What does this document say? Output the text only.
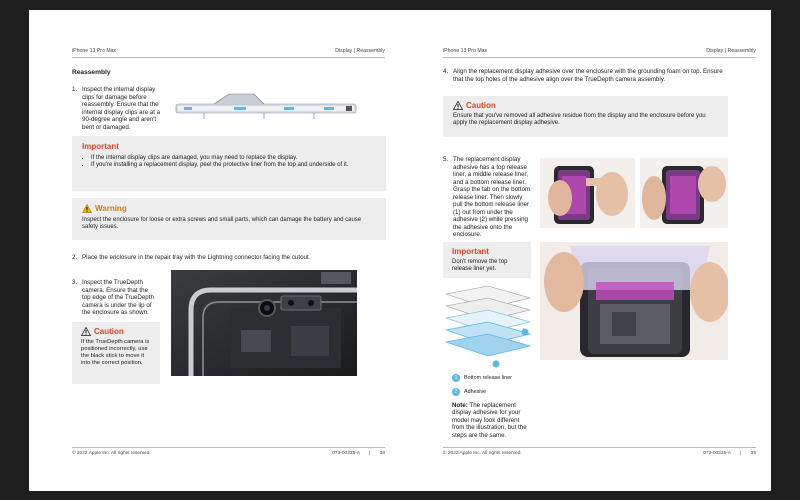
iPhone 13 Pro Max	Display | Reassembly
Reassembly
1. Inspect the internal display clips for damage before reassembly. Ensure that the internal display clips are at a 90-degree angle and aren't bent or damaged.
Important
• If the internal display clips are damaged, you may need to replace the display.
• If you're installing a replacement display, peel the protective liner from the top and underside of it.
Warning
Inspect the enclosure for loose or extra screws and small parts, which can damage the battery and cause safety issues.
2. Place the enclosure in the repair tray with the Lightning connector facing the cutout.
3. Inspect the TrueDepth camera. Ensure that the top edge of the TrueDepth camera is under the lip of the enclosure as shown.
Caution
If the TrueDepth camera is positioned incorrectly, use the black stick to move it into the correct position.
© 2022 Apple Inc. All rights reserved.	073-00325-A | 38
iPhone 13 Pro Max	Display | Reassembly
4. Align the replacement display adhesive over the enclosure with the grounding foam on top. Ensure that the top holes of the adhesive align over the TrueDepth camera assembly.
Caution
Ensure that you've removed all adhesive residue from the display and the enclosure before you apply the replacement display adhesive.
5. The replacement display adhesive has a top release liner, a middle release liner, and a bottom release liner. Grasp the tab on the bottom release liner. Then slowly pull the bottom release liner (1) out from under the adhesive (2) while pressing the adhesive onto the enclosure.
Important
Don't remove the top release liner yet.
1	Bottom release liner
2	Adhesive
Note: The replacement display adhesive for your model may look different from the illustration, but the steps are the same.
© 2022 Apple Inc. All rights reserved.	073-00325-A | 39
